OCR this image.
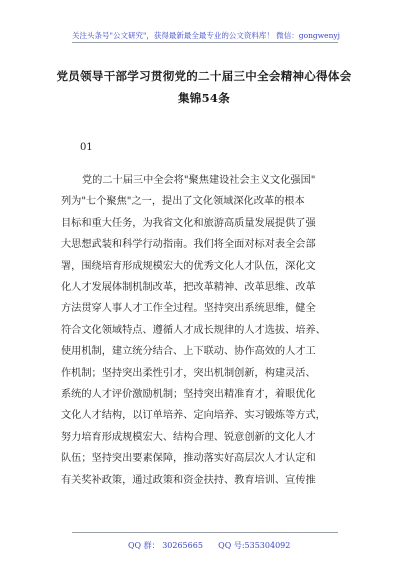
关注头条号"公文研究"，获得最新最全最专业的公文资料库！ 微信：gongwenyj
党员领导干部学习贯彻党的二十届三中全会精神心得体会
集锦54条
01
党的二十届三中全会将"聚焦建设社会主义文化强国"
列为"七个聚焦"之一，提出了文化领域深化改革的根本
目标和重大任务，为我省文化和旅游高质量发展提供了强
大思想武装和科学行动指南。我们将全面对标对表全会部
署，围绕培育形成规模宏大的优秀文化人才队伍，深化文
化人才发展体制机制改革，把改革精神、改革思维、改革
方法贯穿人事人才工作全过程。坚持突出系统思维，健全
符合文化领域特点、遵循人才成长规律的人才选拔、培养、
使用机制，建立统分结合、上下联动、协作高效的人才工
作机制；坚持突出柔性引才，突出机制创新，构建灵活、
系统的人才评价激励机制；坚持突出精准育才，着眼优化
文化人才结构，以订单培养、定向培养、实习锻炼等方式，
努力培育形成规模宏大、结构合理、锐意创新的文化人才
队伍；坚持突出要素保障，推动落实好高层次人才认定和
有关奖补政策，通过政策和资金扶持、教育培训、宣传推
QQ 群： 30265665      QQ 号:535304092
